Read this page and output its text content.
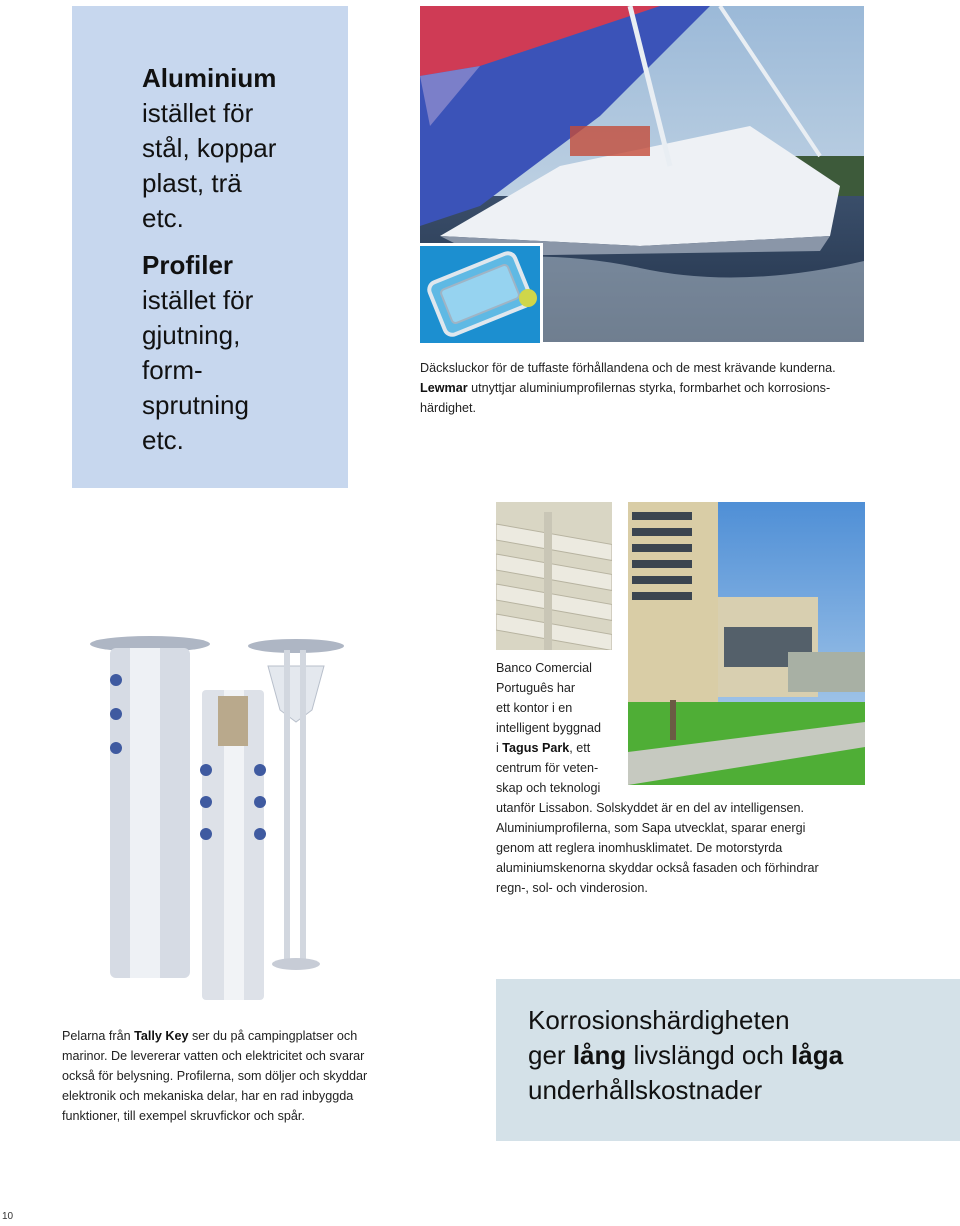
Aluminium
istället för
stål, koppar
plast, trä
etc.
Profiler
istället för
gjutning,
form-
sprutning
etc.
Däcksluckor för de tuffaste förhållandena och de mest krävande kunderna.
Lewmar utnyttjar aluminiumprofilernas styrka, formbarhet och korrosions-
härdighet.
Banco Comercial
Português har
ett kontor i en
intelligent byggnad
i Tagus Park, ett
centrum för veten-
skap och teknologi
utanför Lissabon. Solskyddet är en del av intelligensen.
Aluminiumprofilerna, som Sapa utvecklat, sparar energi
genom att reglera inomhusklimatet. De motorstyrda
aluminiumskenorna skyddar också fasaden och förhindrar
regn-, sol- och vinderosion.
Pelarna från Tally Key ser du på campingplatser och
marinor. De levererar vatten och elektricitet och svarar
också för belysning. Profilerna, som döljer och skyddar
elektronik och mekaniska delar, har en rad inbyggda
funktioner, till exempel skruvfickor och spår.
Korrosionshärdigheten
ger lång livslängd och låga
underhållskostnader
10
